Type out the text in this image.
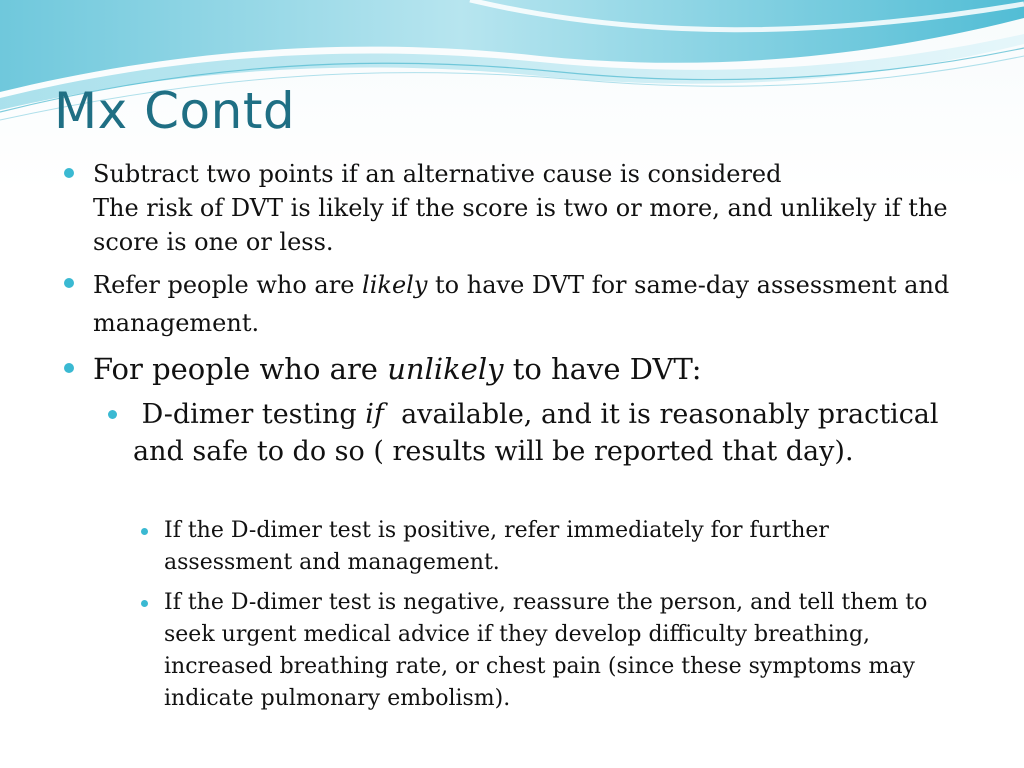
Mx Contd

Subtract two points if an alternative cause is considered
The risk of DVT is likely if the score is two or more, and unlikely if the score is one or less.

Refer people who are likely to have DVT for same-day assessment and management.

For people who are unlikely to have DVT:

D-dimer testing if  available, and it is reasonably practical and safe to do so ( results will be reported that day).

If the D-dimer test is positive, refer immediately for further assessment and management.

If the D-dimer test is negative, reassure the person, and tell them to seek urgent medical advice if they develop difficulty breathing, increased breathing rate, or chest pain (since these symptoms may indicate pulmonary embolism).
